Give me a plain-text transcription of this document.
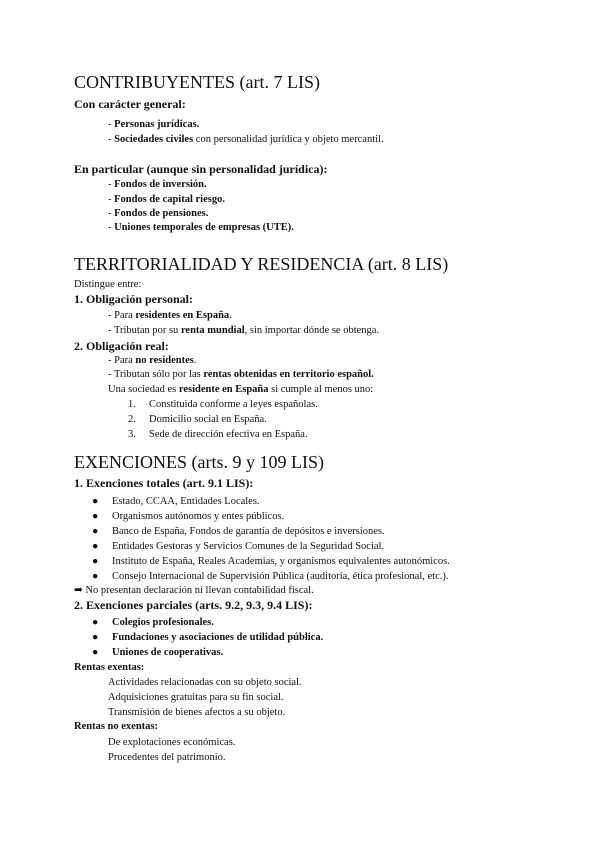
CONTRIBUYENTES (art. 7 LIS)
Con carácter general:
- Personas jurídicas.
- Sociedades civiles con personalidad jurídica y objeto mercantil.
En particular (aunque sin personalidad jurídica):
- Fondos de inversión.
- Fondos de capital riesgo.
- Fondos de pensiones.
- Uniones temporales de empresas (UTE).
TERRITORIALIDAD Y RESIDENCIA (art. 8 LIS)
Distingue entre:
1. Obligación personal:
- Para residentes en España.
- Tributan por su renta mundial, sin importar dónde se obtenga.
2. Obligación real:
- Para no residentes.
- Tributan sólo por las rentas obtenidas en territorio español.
Una sociedad es residente en España si cumple al menos uno:
1.     Constituida conforme a leyes españolas.
2.     Domicilio social en España.
3.     Sede de dirección efectiva en España.
EXENCIONES (arts. 9 y 109 LIS)
1. Exenciones totales (art. 9.1 LIS):
● Estado, CCAA, Entidades Locales.
● Organismos autónomos y entes públicos.
● Banco de España, Fondos de garantía de depósitos e inversiones.
● Entidades Gestoras y Servicios Comunes de la Seguridad Social.
● Instituto de España, Reales Academias, y organismos equivalentes autonómicos.
● Consejo Internacional de Supervisión Pública (auditoría, ética profesional, etc.).
➡ No presentan declaración ni llevan contabilidad fiscal.
2. Exenciones parciales (arts. 9.2, 9.3, 9.4 LIS):
● Colegios profesionales.
● Fundaciones y asociaciones de utilidad pública.
● Uniones de cooperativas.
Rentas exentas:
Actividades relacionadas con su objeto social.
Adquisiciones gratuitas para su fin social.
Transmisión de bienes afectos a su objeto.
Rentas no exentas:
De explotaciones económicas.
Procedentes del patrimonio.
